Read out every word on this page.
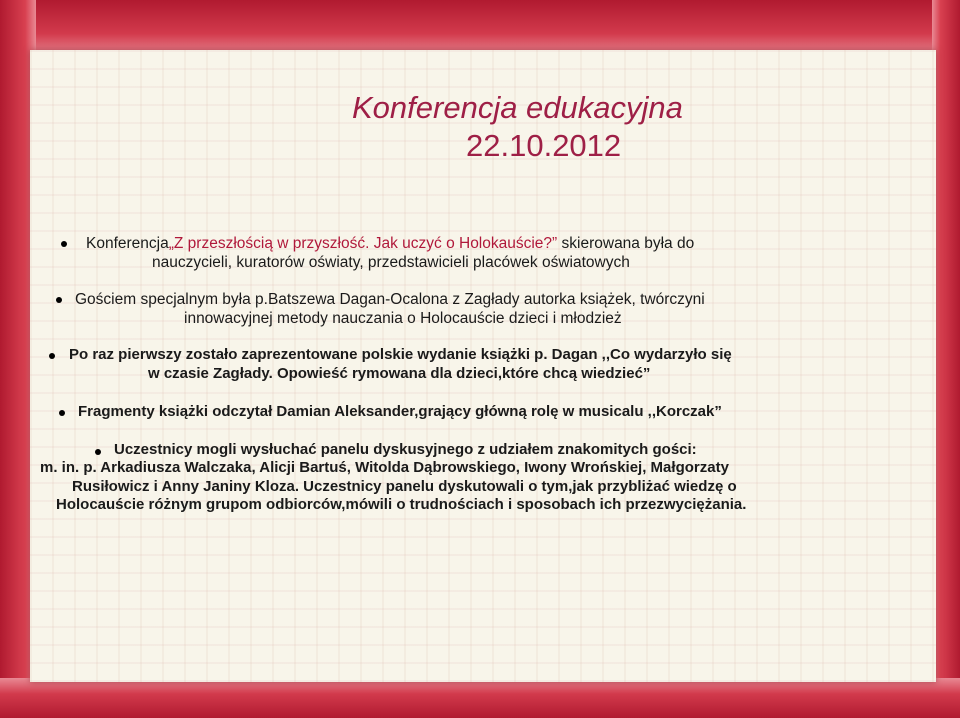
Konferencja edukacyjna
22.10.2012
Konferencja„Z przeszłością w przyszłość. Jak uczyć o Holokauście?” skierowana była do
nauczycieli, kuratorów oświaty, przedstawicieli placówek oświatowych
Gościem specjalnym była p.Batszewa Dagan-Ocalona z Zagłady autorka książek, twórczyni
innowacyjnej metody nauczania o Holocauście dzieci i młodzież
Po raz pierwszy zostało zaprezentowane polskie wydanie książki p. Dagan ,,Co wydarzyło się
w czasie Zagłady. Opowieść rymowana dla dzieci,które chcą wiedzieć”
Fragmenty książki odczytał Damian Aleksander,grający główną rolę w musicalu ,,Korczak”
Uczestnicy mogli wysłuchać panelu dyskusyjnego z udziałem znakomitych gości:
m. in. p. Arkadiusza Walczaka, Alicji Bartuś, Witolda Dąbrowskiego, Iwony Wrońskiej, Małgorzaty
Rusiłowicz i Anny Janiny Kloza. Uczestnicy panelu dyskutowali o tym,jak przybliżać wiedzę o
Holocauście różnym grupom odbiorców,mówili o trudnościach i sposobach ich przezwyciężania.
